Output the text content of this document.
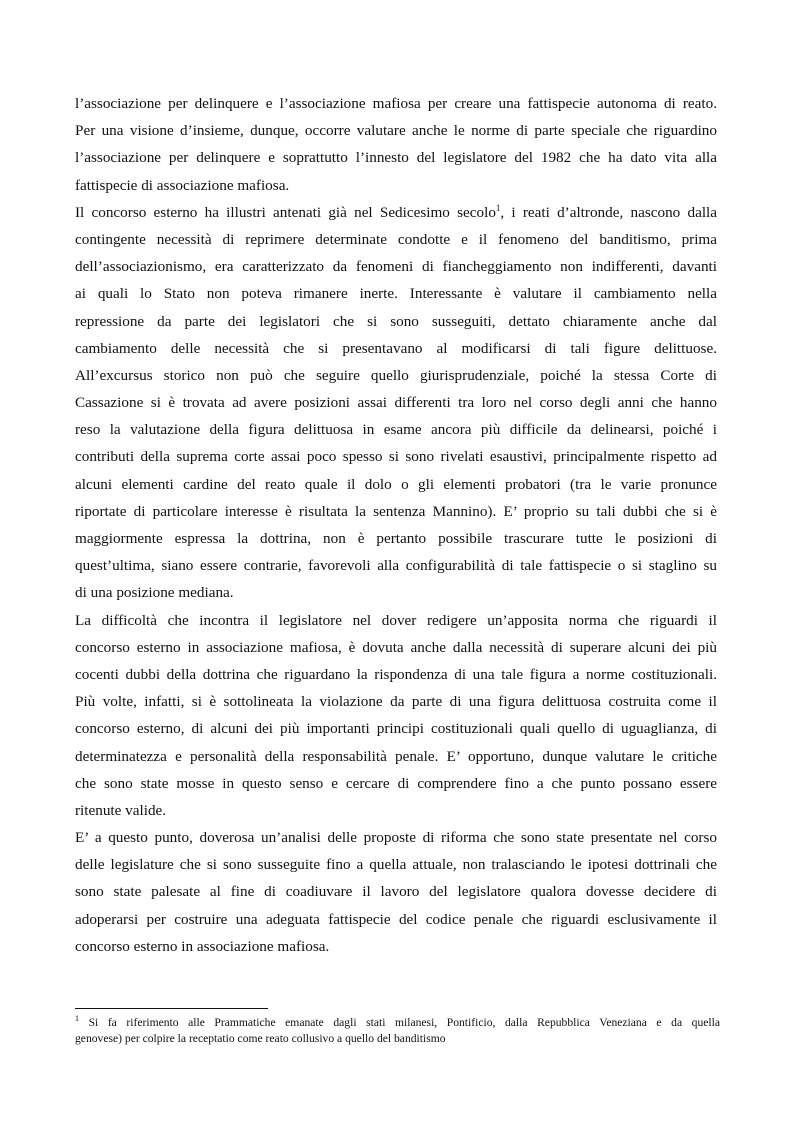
l’associazione per delinquere e l’associazione mafiosa per creare una fattispecie autonoma di reato.
Per una visione d’insieme, dunque, occorre valutare anche le norme di parte speciale che riguardino
l’associazione per delinquere e soprattutto l’innesto del legislatore del 1982 che ha dato vita alla
fattispecie di associazione mafiosa.
Il concorso esterno ha illustri antenati già nel Sedicesimo secolo$^1$, i reati d’altronde, nascono dalla
contingente necessità di reprimere determinate condotte e il fenomeno del banditismo, prima
dell’associazionismo, era caratterizzato da fenomeni di fiancheggiamento non indifferenti, davanti
ai quali lo Stato non poteva rimanere inerte. Interessante è valutare il cambiamento nella
repressione da parte dei legislatori che si sono susseguiti, dettato chiaramente anche dal
cambiamento delle necessità che si presentavano al modificarsi di tali figure delittuose.
All’excursus storico non può che seguire quello giurisprudenziale, poiché la stessa Corte di
Cassazione si è trovata ad avere posizioni assai differenti tra loro nel corso degli anni che hanno
reso la valutazione della figura delittuosa in esame ancora più difficile da delinearsi, poiché i
contributi della suprema corte assai poco spesso si sono rivelati esaustivi, principalmente rispetto ad
alcuni elementi cardine del reato quale il dolo o gli elementi probatori (tra le varie pronunce
riportate di particolare interesse è risultata la sentenza Mannino). E’ proprio su tali dubbi che si è
maggiormente espressa la dottrina, non è pertanto possibile trascurare tutte le posizioni di
quest’ultima, siano essere contrarie, favorevoli alla configurabilità di tale fattispecie o si staglino su
di una posizione mediana.
La difficoltà che incontra il legislatore nel dover redigere un’apposita norma che riguardi il
concorso esterno in associazione mafiosa, è dovuta anche dalla necessità di superare alcuni dei più
cocenti dubbi della dottrina che riguardano la rispondenza di una tale figura a norme costituzionali.
Più volte, infatti, si è sottolineata la violazione da parte di una figura delittuosa costruita come il
concorso esterno, di alcuni dei più importanti principi costituzionali quali quello di uguaglianza, di
determinatezza e personalità della responsabilità penale. E’ opportuno, dunque valutare le critiche
che sono state mosse in questo senso e cercare di comprendere fino a che punto possano essere
ritenute valide.
E’ a questo punto, doverosa un’analisi delle proposte di riforma che sono state presentate nel corso
delle legislature che si sono susseguite fino a quella attuale, non tralasciando le ipotesi dottrinali che
sono state palesate al fine di coadiuvare il lavoro del legislatore qualora dovesse decidere di
adoperarsi per costruire una adeguata fattispecie del codice penale che riguardi esclusivamente il
concorso esterno in associazione mafiosa.
$^1$ Si fa riferimento alle Prammatiche emanate dagli stati milanesi, Pontificio, dalla Repubblica Veneziana e da quella
genovese) per colpire la receptatio come reato collusivo a quello del banditismo
